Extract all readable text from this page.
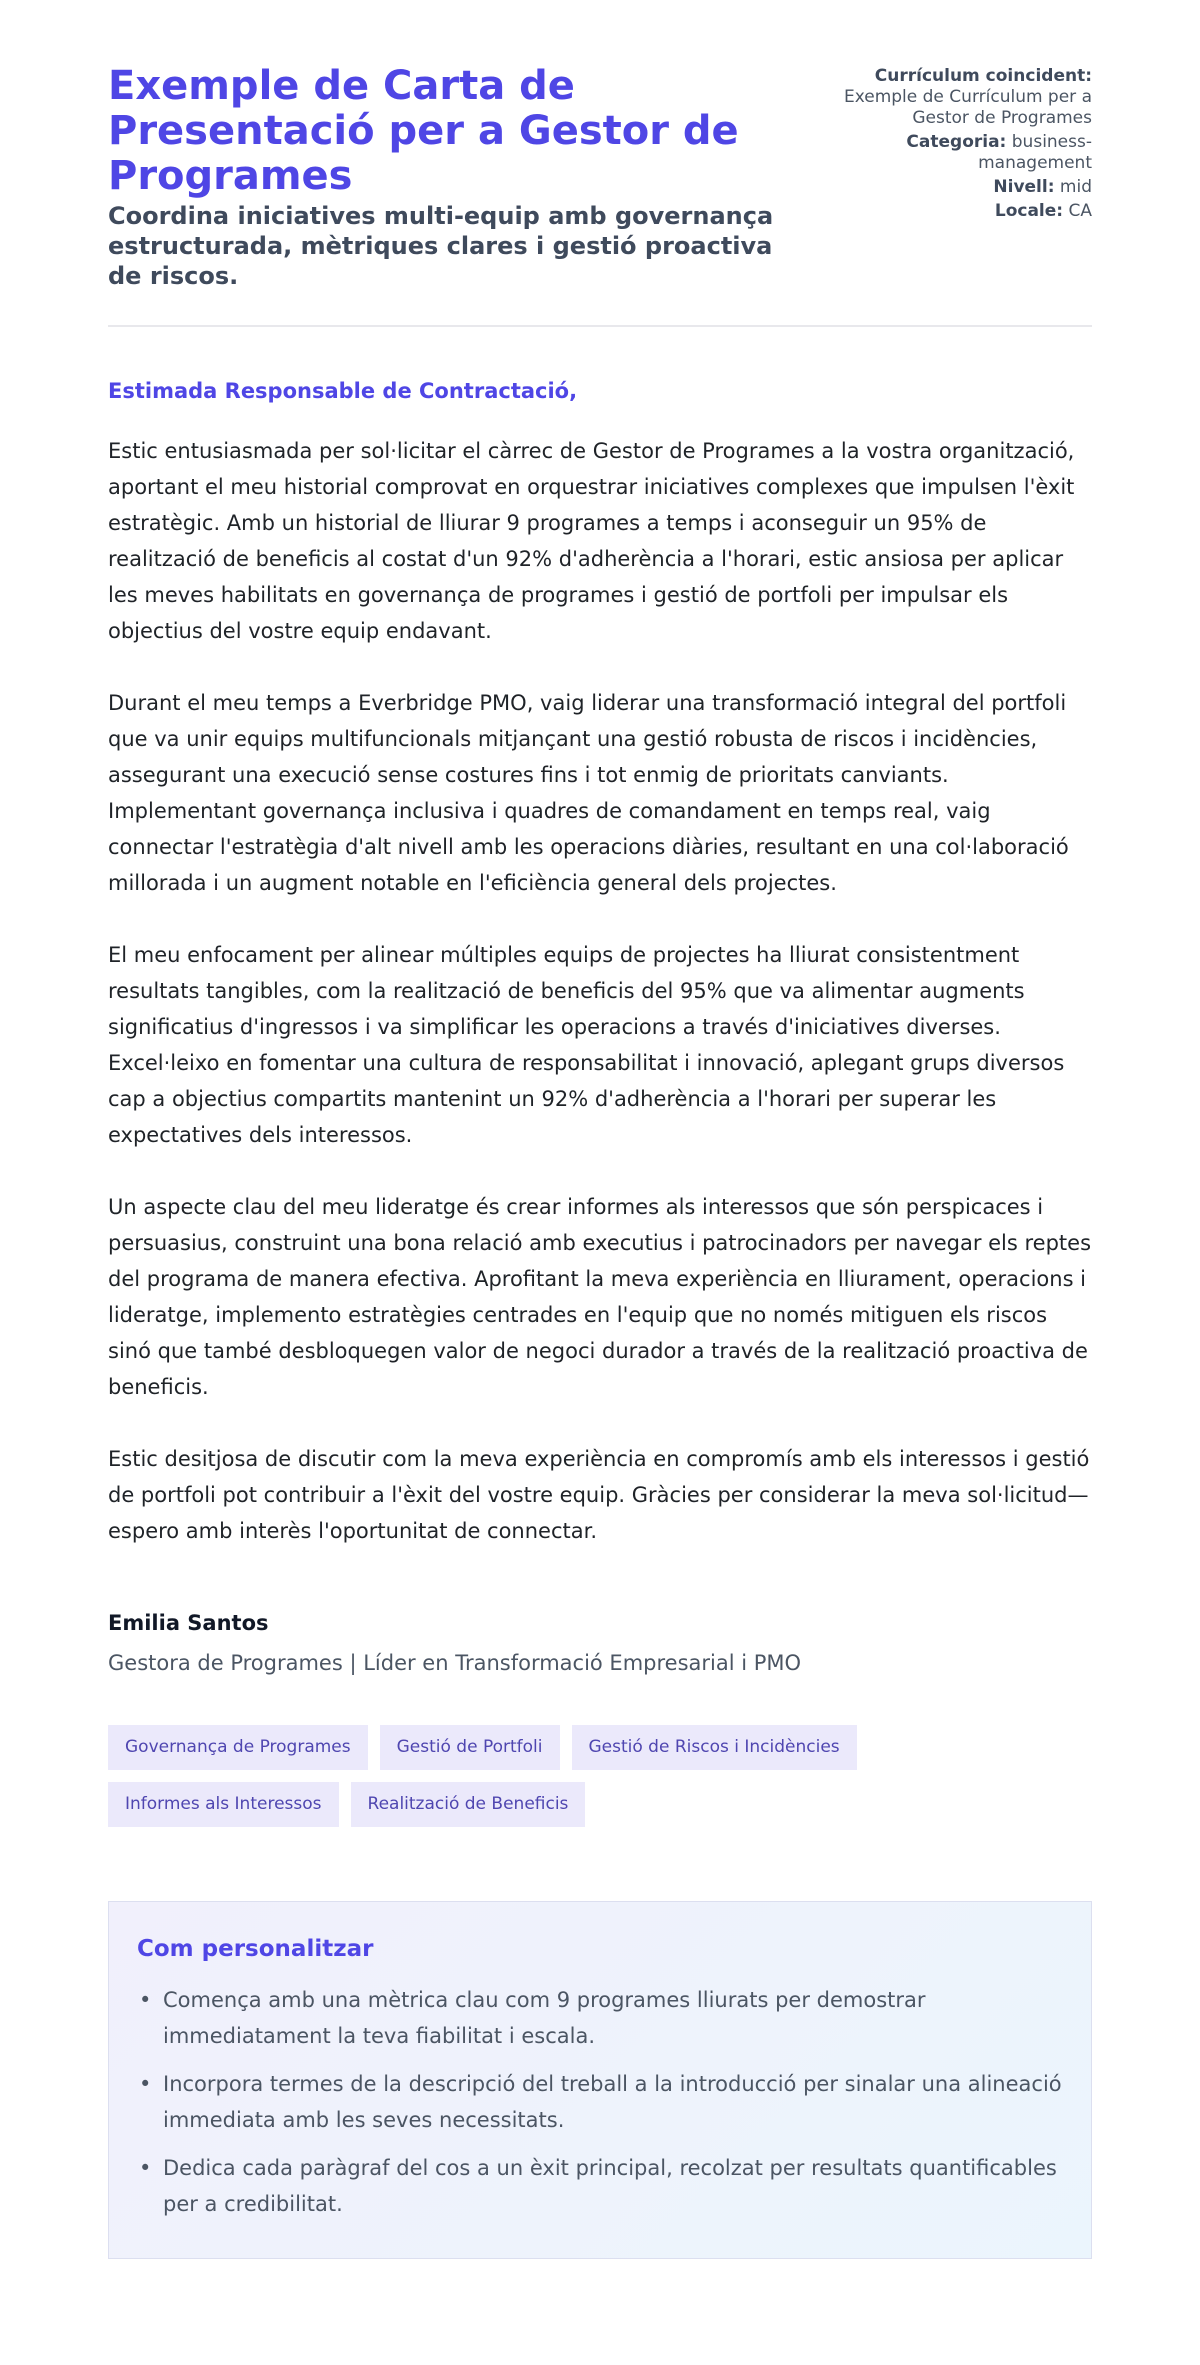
Exemple de Carta de Presentació per a Gestor de Programes
Coordina iniciatives multi-equip amb governança estructurada, mètriques clares i gestió proactiva de riscos.
Currículum coincident: Exemple de Currículum per a Gestor de Programes
Categoria: business-management
Nivell: mid
Locale: CA

Estimada Responsable de Contractació,

Estic entusiasmada per sol·licitar el càrrec de Gestor de Programes a la vostra organització, aportant el meu historial comprovat en orquestrar iniciatives complexes que impulsen l'èxit estratègic. Amb un historial de lliurar 9 programes a temps i aconseguir un 95% de realització de beneficis al costat d'un 92% d'adherència a l'horari, estic ansiosa per aplicar les meves habilitats en governança de programes i gestió de portfoli per impulsar els objectius del vostre equip endavant.

Durant el meu temps a Everbridge PMO, vaig liderar una transformació integral del portfoli que va unir equips multifuncionals mitjançant una gestió robusta de riscos i incidències, assegurant una execució sense costures fins i tot enmig de prioritats canviants. Implementant governança inclusiva i quadres de comandament en temps real, vaig connectar l'estratègia d'alt nivell amb les operacions diàries, resultant en una col·laboració millorada i un augment notable en l'eficiència general dels projectes.

El meu enfocament per alinear múltiples equips de projectes ha lliurat consistentment resultats tangibles, com la realització de beneficis del 95% que va alimentar augments significatius d'ingressos i va simplificar les operacions a través d'iniciatives diverses. Excel·leixo en fomentar una cultura de responsabilitat i innovació, aplegant grups diversos cap a objectius compartits mantenint un 92% d'adherència a l'horari per superar les expectatives dels interessos.

Un aspecte clau del meu lideratge és crear informes als interessos que són perspicaces i persuasius, construint una bona relació amb executius i patrocinadors per navegar els reptes del programa de manera efectiva. Aprofitant la meva experiència en lliurament, operacions i lideratge, implemento estratègies centrades en l'equip que no només mitiguen els riscos sinó que també desbloquegen valor de negoci durador a través de la realització proactiva de beneficis.

Estic desitjosa de discutir com la meva experiència en compromís amb els interessos i gestió de portfoli pot contribuir a l'èxit del vostre equip. Gràcies per considerar la meva sol·licitud—espero amb interès l'oportunitat de connectar.

Emilia Santos
Gestora de Programes | Líder en Transformació Empresarial i PMO
Governança de Programes	Gestió de Portfoli	Gestió de Riscos i Incidències
Informes als Interessos	Realització de Beneficis
Com personalitzar
• Comença amb una mètrica clau com 9 programes lliurats per demostrar immediatament la teva fiabilitat i escala.
• Incorpora termes de la descripció del treball a la introducció per sinalar una alineació immediata amb les seves necessitats.
• Dedica cada paràgraf del cos a un èxit principal, recolzat per resultats quantificables per a credibilitat.
